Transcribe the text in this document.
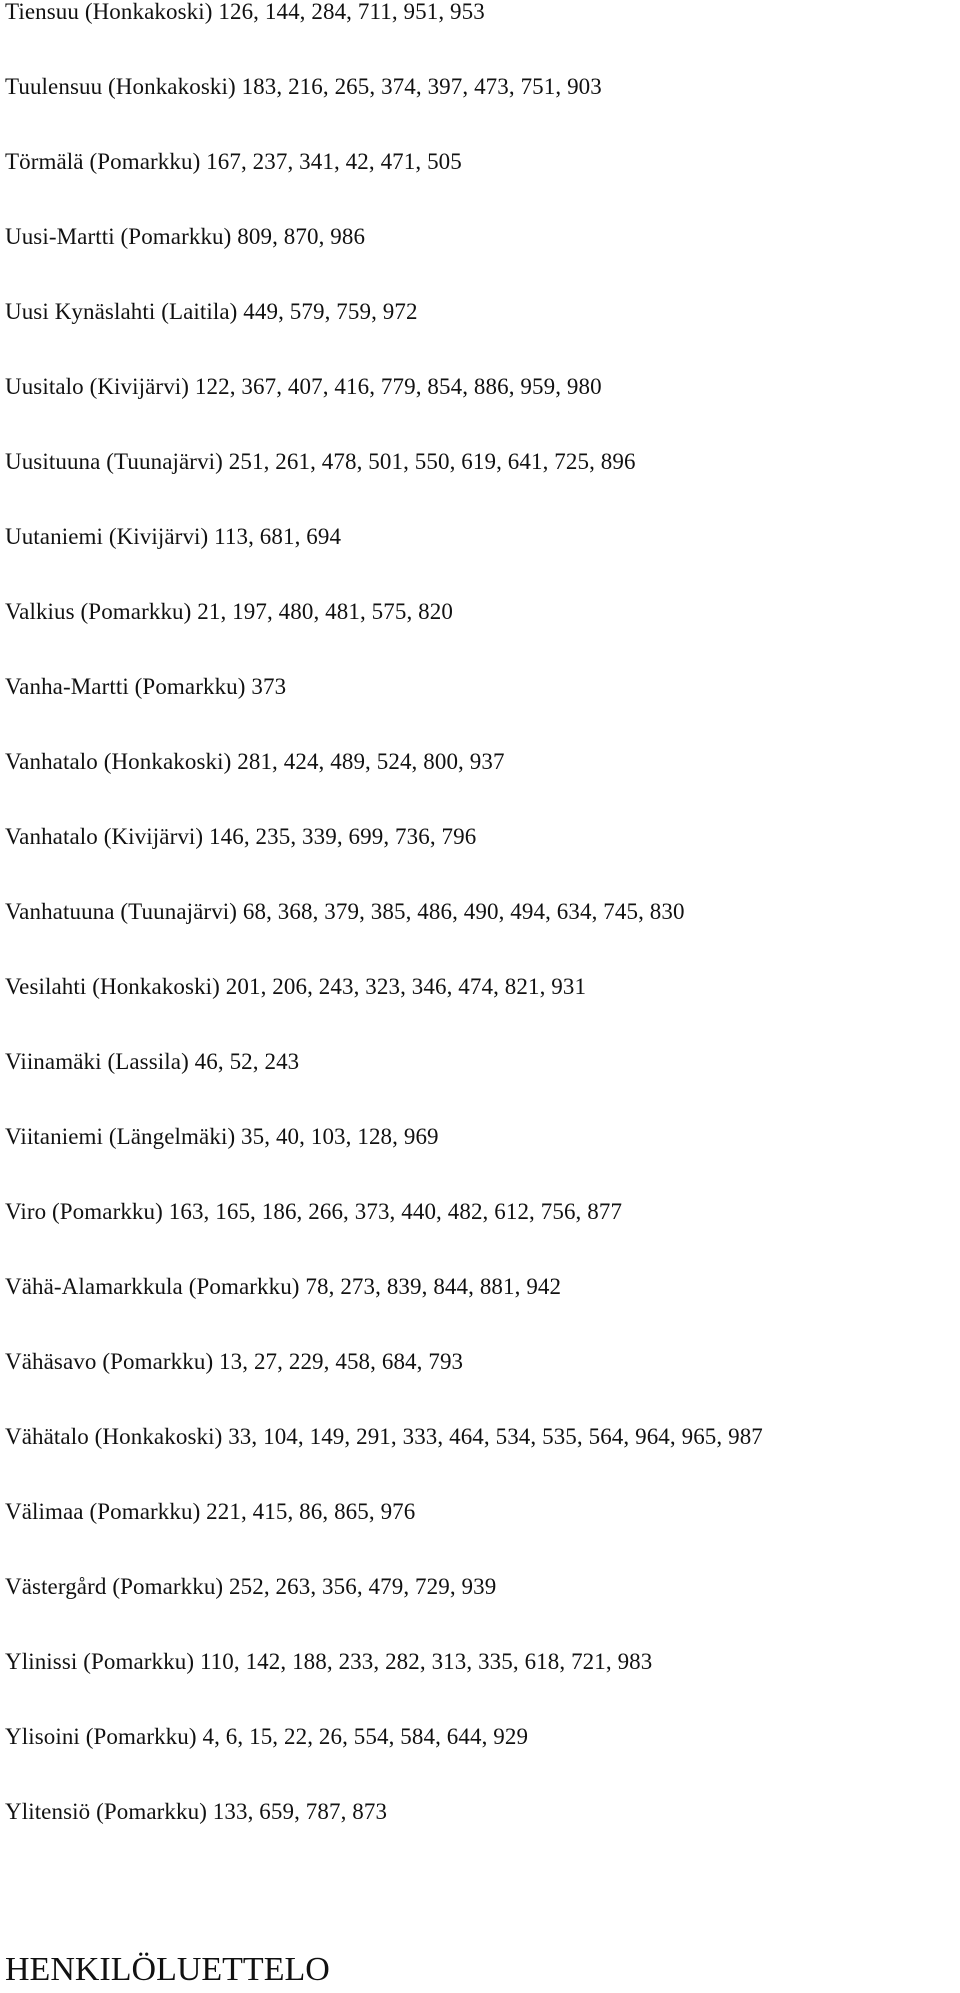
Tiensuu (Honkakoski) 126, 144, 284, 711, 951, 953
Tuulensuu (Honkakoski) 183, 216, 265, 374, 397, 473, 751, 903
Törmälä (Pomarkku) 167, 237, 341, 42, 471, 505
Uusi-Martti (Pomarkku) 809, 870, 986
Uusi Kynäslahti (Laitila) 449, 579, 759, 972
Uusitalo (Kivijärvi) 122, 367, 407, 416, 779, 854, 886, 959, 980
Uusituuna (Tuunajärvi) 251, 261, 478, 501, 550, 619, 641, 725, 896
Uutaniemi (Kivijärvi) 113, 681, 694
Valkius (Pomarkku) 21, 197, 480, 481, 575, 820
Vanha-Martti (Pomarkku) 373
Vanhatalo (Honkakoski) 281, 424, 489, 524, 800, 937
Vanhatalo (Kivijärvi) 146, 235, 339, 699, 736, 796
Vanhatuuna (Tuunajärvi) 68, 368, 379, 385, 486, 490, 494, 634, 745, 830
Vesilahti (Honkakoski) 201, 206, 243, 323, 346, 474, 821, 931
Viinamäki (Lassila) 46, 52, 243
Viitaniemi (Längelmäki) 35, 40, 103, 128, 969
Viro (Pomarkku) 163, 165, 186, 266, 373, 440, 482, 612, 756, 877
Vähä-Alamarkkula (Pomarkku) 78, 273, 839, 844, 881, 942
Vähäsavo (Pomarkku) 13, 27, 229, 458, 684, 793
Vähätalo (Honkakoski) 33, 104, 149, 291, 333, 464, 534, 535, 564, 964, 965, 987
Välimaa (Pomarkku) 221, 415, 86, 865, 976
Västergård (Pomarkku) 252, 263, 356, 479, 729, 939
Ylinissi (Pomarkku) 110, 142, 188, 233, 282, 313, 335, 618, 721, 983
Ylisoini (Pomarkku) 4, 6, 15, 22, 26, 554, 584, 644, 929
Ylitensiö (Pomarkku) 133, 659, 787, 873
HENKILÖLUETTELO
